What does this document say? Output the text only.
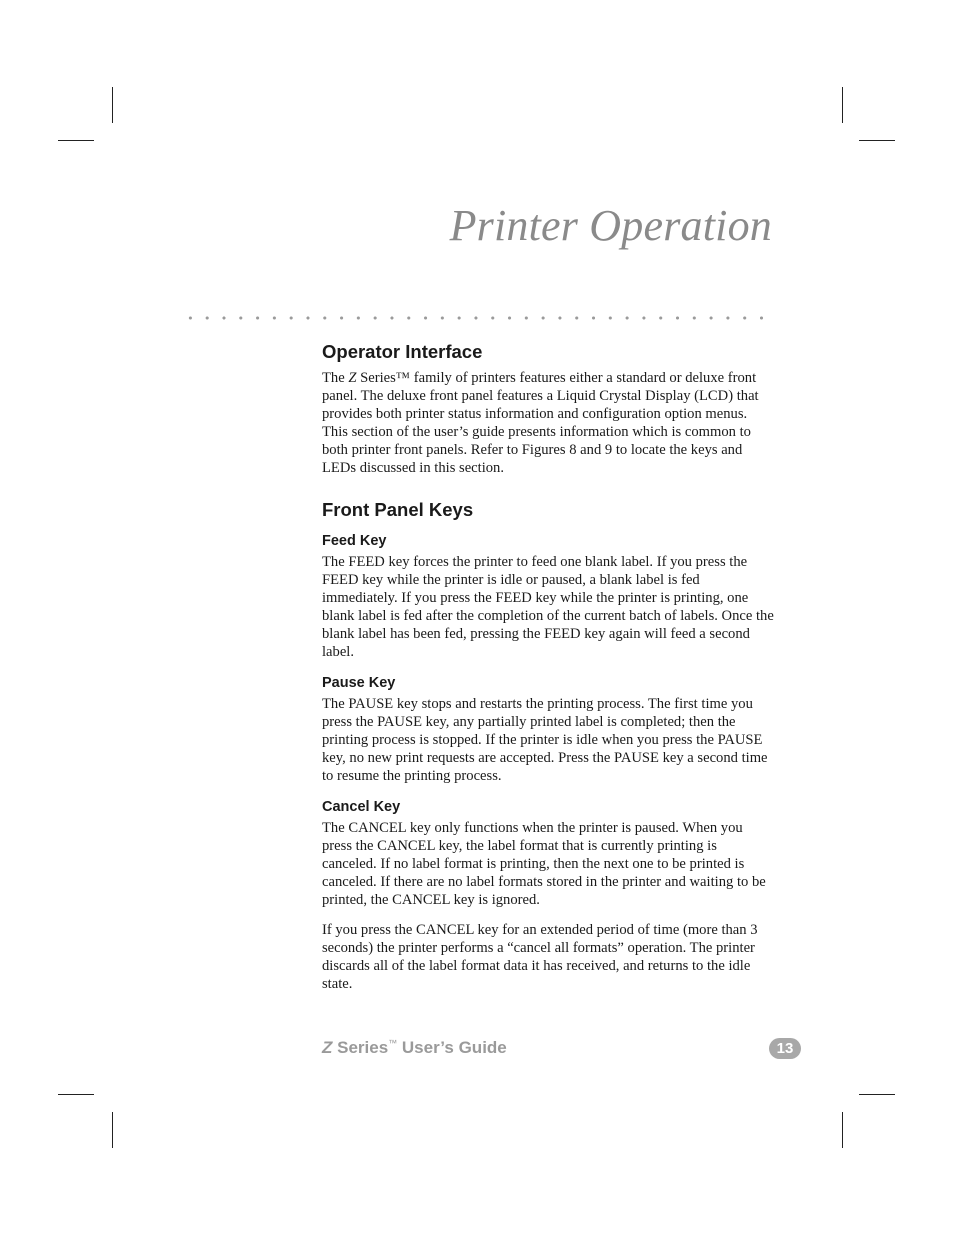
Printer Operation
Operator Interface

The Z Series™ family of printers features either a standard or deluxe front panel. The deluxe front panel features a Liquid Crystal Display (LCD) that provides both printer status information and configuration option menus. This section of the user’s guide presents information which is common to both printer front panels. Refer to Figures 8 and 9 to locate the keys and LEDs discussed in this section.

Front Panel Keys
Feed Key

The FEED key forces the printer to feed one blank label. If you press the FEED key while the printer is idle or paused, a blank label is fed immediately. If you press the FEED key while the printer is printing, one blank label is fed after the completion of the current batch of labels. Once the blank label has been fed, pressing the FEED key again will feed a second label.

Pause Key

The PAUSE key stops and restarts the printing process. The first time you press the PAUSE key, any partially printed label is completed; then the printing process is stopped. If the printer is idle when you press the PAUSE key, no new print requests are accepted. Press the PAUSE key a second time to resume the printing process.

Cancel Key

The CANCEL key only functions when the printer is paused. When you press the CANCEL key, the label format that is currently printing is canceled. If no label format is printing, then the next one to be printed is canceled. If there are no label formats stored in the printer and waiting to be printed, the CANCEL key is ignored.

If you press the CANCEL key for an extended period of time (more than 3 seconds) the printer performs a “cancel all formats” operation. The printer discards all of the label format data it has received, and returns to the idle state.

Z Series™ User’s Guide	13
